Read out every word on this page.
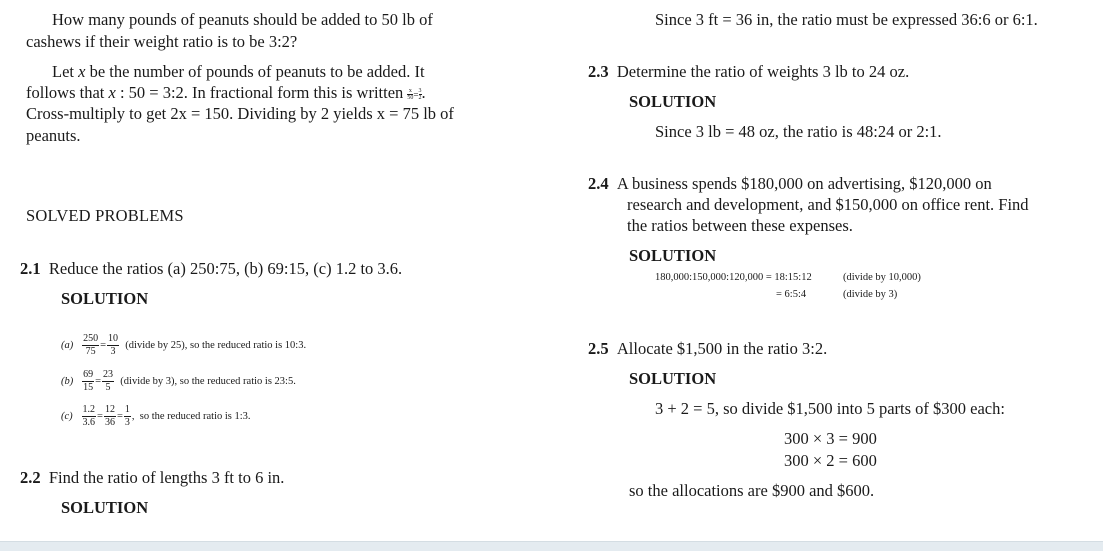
How many pounds of peanuts should be added to 50 lb of
cashews if their weight ratio is to be 3:2?
Let x be the number of pounds of peanuts to be added. It
follows that x : 50 = 3:2. In fractional form this is written $\frac{x}{50} = \frac{3}{2}$ .
Cross-multiply to get 2x = 150. Dividing by 2 yields x = 75 lb of
peanuts.
SOLVED PROBLEMS
2.1 Reduce the ratios (a) 250:75, (b) 69:15, (c) 1.2 to 3.6.
SOLUTION
$(a) \frac{250}{75} = \frac{10}{3}$ (divide by 25), so the reduced ratio is 10:3.
$(b) \frac{69}{15} = \frac{23}{5}$ (divide by 3), so the reduced ratio is 23:5.
$(c) \frac{1.2}{3.6} = \frac{12}{36} = \frac{1}{3}$ , so the reduced ratio is 1:3.
2.2 Find the ratio of lengths 3 ft to 6 in.
SOLUTION
Since 3 ft = 36 in, the ratio must be expressed 36:6 or 6:1.
2.3 Determine the ratio of weights 3 lb to 24 oz.
SOLUTION
Since 3 lb = 48 oz, the ratio is 48:24 or 2:1.
2.4 A business spends $180,000 on advertising, $120,000 on
research and development, and $150,000 on office rent. Find
the ratios between these expenses.
SOLUTION
180,000:150,000:120,000 = 18:15:12	(divide by 10,000)
= 6:5:4	(divide by 3)
2.5 Allocate $1,500 in the ratio 3:2.
SOLUTION
3 + 2 = 5, so divide $1,500 into 5 parts of $300 each:
300 × 3 = 900
300 × 2 = 600
so the allocations are $900 and $600.
